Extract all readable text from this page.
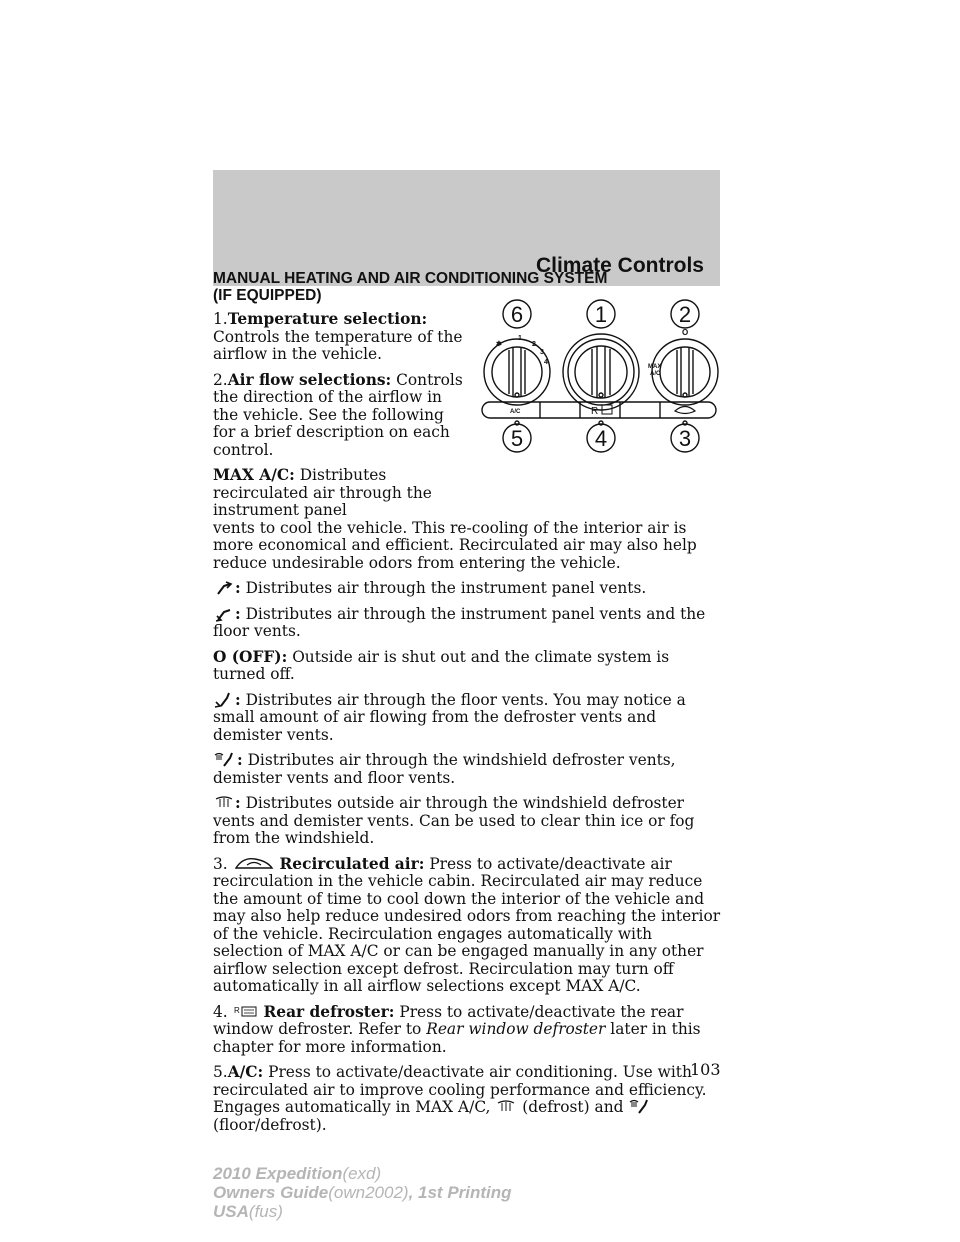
Climate Controls
6	1	2
5	4	3
✱
1
2
3
4
O
MAX
A/C
A/C	R
MANUAL HEATING AND AIR CONDITIONING SYSTEM
(IF EQUIPPED)

1.Temperature selection:
Controls the temperature of the airflow in the vehicle.

2.Air flow selections: Controls the direction of the airflow in the vehicle. See the following for a brief description on each control.

MAX A/C: Distributes recirculated air through the instrument panel
vents to cool the vehicle. This re-cooling of the interior air is more economical and efficient. Recirculated air may also help reduce undesirable odors from entering the vehicle.

: Distributes air through the instrument panel vents.

: Distributes air through the instrument panel vents and the floor vents.

O (OFF): Outside air is shut out and the climate system is turned off.

: Distributes air through the floor vents. You may notice a small amount of air flowing from the defroster vents and demister vents.

: Distributes air through the windshield defroster vents, demister vents and floor vents.

: Distributes outside air through the windshield defroster vents and demister vents. Can be used to clear thin ice or fog from the windshield.

3.	Recirculated air: Press to activate/deactivate air recirculation in the vehicle cabin. Recirculated air may reduce the amount of time to cool down the interior of the vehicle and may also help reduce undesired odors from reaching the interior of the vehicle. Recirculation engages automatically with selection of MAX A/C or can be engaged manually in any other airflow selection except defrost. Recirculation may turn off automatically in all airflow selections except MAX A/C.

4. R Rear defroster: Press to activate/deactivate the rear window defroster. Refer to Rear window defroster later in this chapter for more information.

5.A/C: Press to activate/deactivate air conditioning. Use with recirculated air to improve cooling performance and efficiency. Engages automatically in MAX A/C, (defrost) and  (floor/defrost).

103
2010 Expedition(exd)
Owners Guide(own2002), 1st Printing
USA(fus)
